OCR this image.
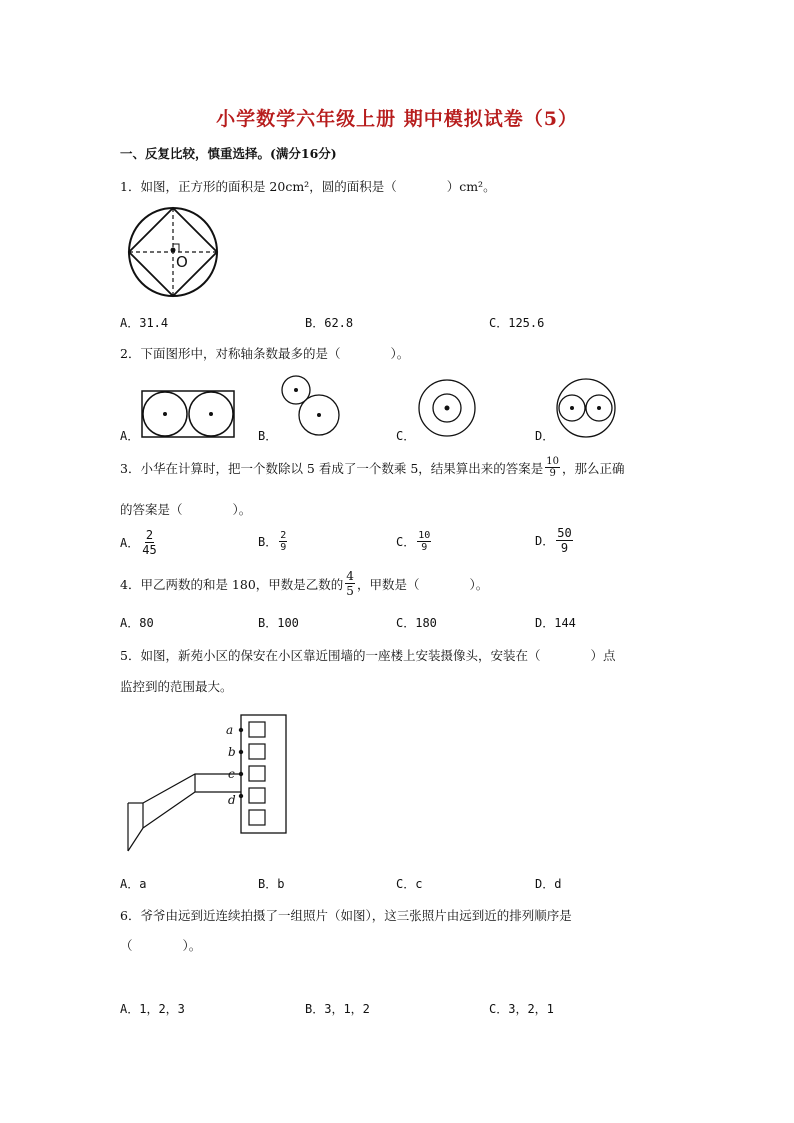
小学数学六年级上册 期中模拟试卷（5）
一、反复比较，慎重选择。(满分16分)
1．如图，正方形的面积是 20cm²，圆的面积是（　　　　）cm²。
O
A．31.4	B．62.8	C．125.6
2．下面图形中，对称轴条数最多的是（　　　　）。
A．	B．	C．	D．
3．小华在计算时，把一个数除以 5 看成了一个数乘 5，结果算出来的答案是 $\frac{10}{9}$ ，那么正确
的答案是（　　　　）。
A． $\frac{2}{45}$	B． $\frac{2}{9}$	C． $\frac{10}{9}$	D． $\frac{50}{9}$
4．甲乙两数的和是 180，甲数是乙数的 $\frac{4}{5}$ ，甲数是（　　　　）。
A．80	B．100	C．180	D．144
5．如图，新苑小区的保安在小区靠近围墙的一座楼上安装摄像头，安装在（　　　　）点
监控到的范围最大。
a
b
c
d
A．a	B．b	C．c	D．d
6．爷爷由远到近连续拍摄了一组照片（如图），这三张照片由远到近的排列顺序是
（　　　　）。
A．1，2，3	B．3，1，2	C．3，2，1
